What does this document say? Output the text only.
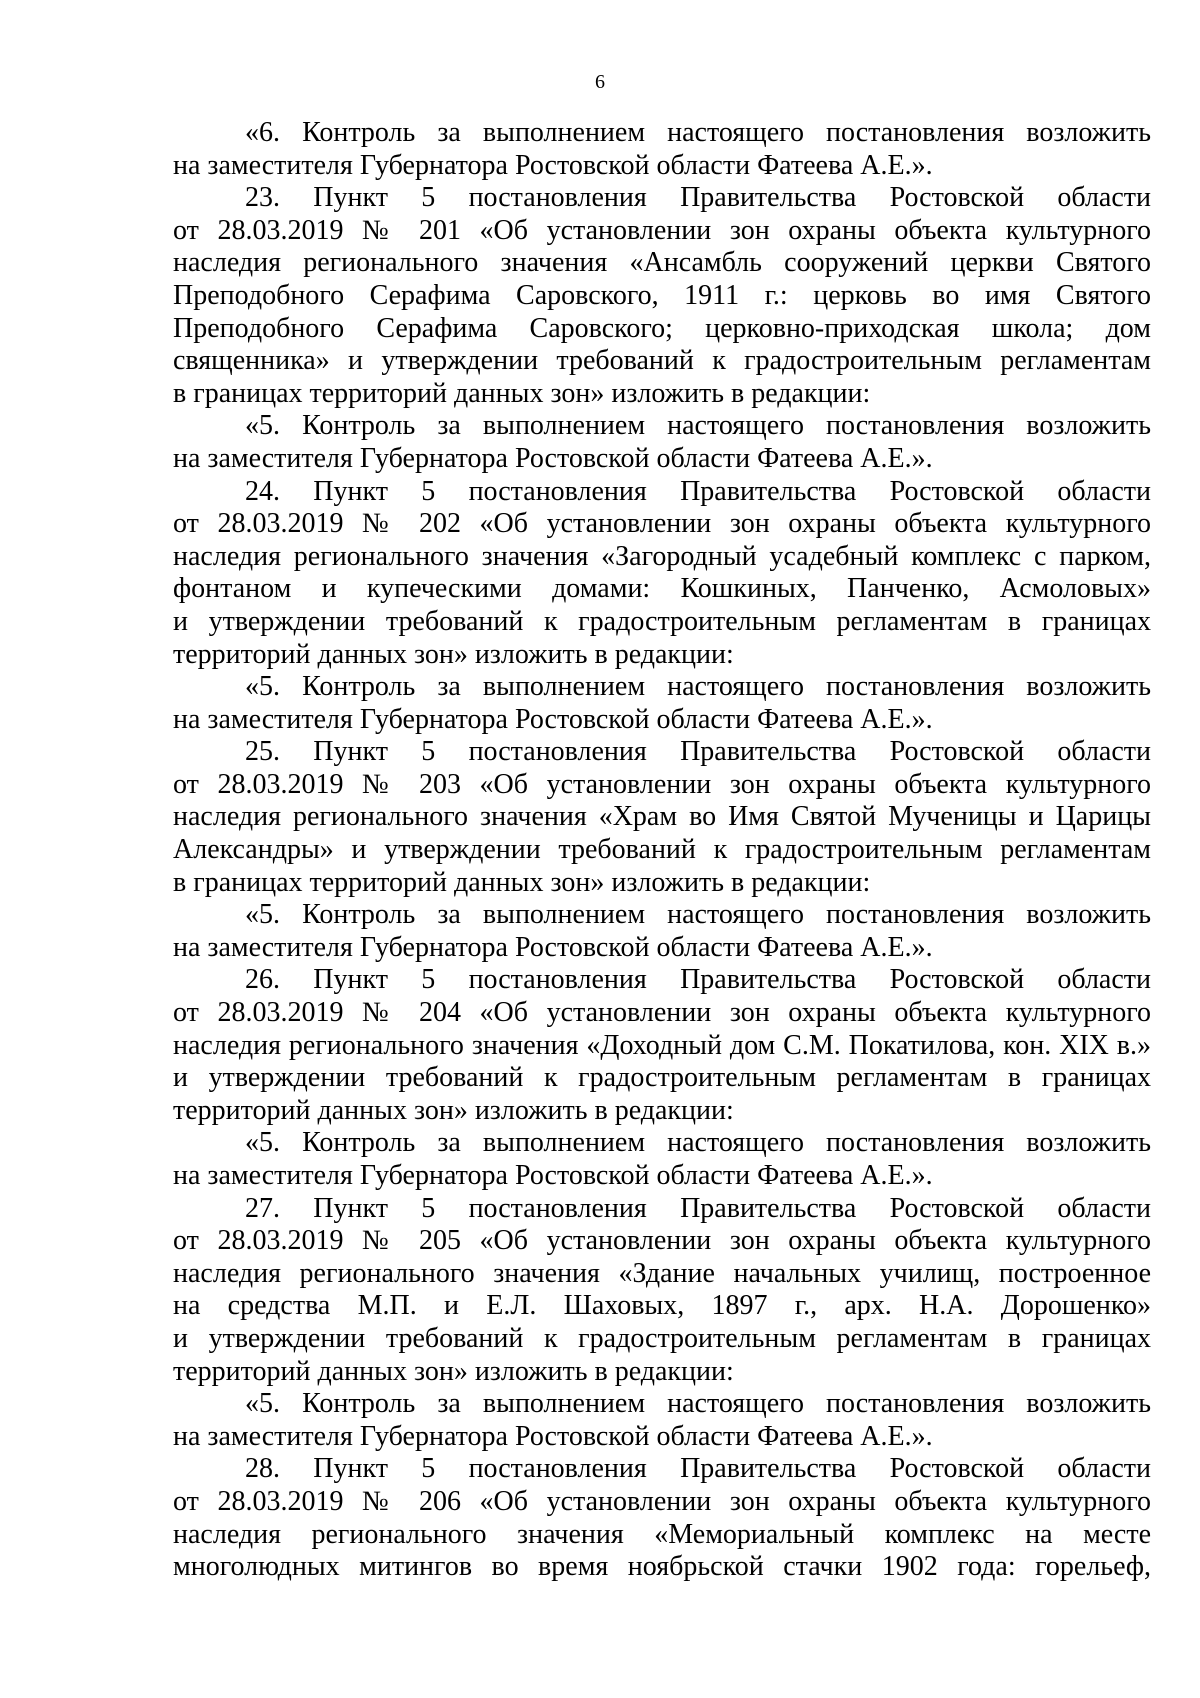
6
«6. Контроль за выполнением настоящего постановления возложить
на заместителя Губернатора Ростовской области Фатеева А.Е.».
23. Пункт 5 постановления Правительства Ростовской области
от 28.03.2019 № 201 «Об установлении зон охраны объекта культурного
наследия регионального значения «Ансамбль сооружений церкви Святого
Преподобного Серафима Саровского, 1911 г.: церковь во имя Святого
Преподобного Серафима Саровского; церковно-приходская школа; дом
священника» и утверждении требований к градостроительным регламентам
в границах территорий данных зон» изложить в редакции:
«5. Контроль за выполнением настоящего постановления возложить
на заместителя Губернатора Ростовской области Фатеева А.Е.».
24. Пункт 5 постановления Правительства Ростовской области
от 28.03.2019 № 202 «Об установлении зон охраны объекта культурного
наследия регионального значения «Загородный усадебный комплекс с парком,
фонтаном и купеческими домами: Кошкиных, Панченко, Асмоловых»
и утверждении требований к градостроительным регламентам в границах
территорий данных зон» изложить в редакции:
«5. Контроль за выполнением настоящего постановления возложить
на заместителя Губернатора Ростовской области Фатеева А.Е.».
25. Пункт 5 постановления Правительства Ростовской области
от 28.03.2019 № 203 «Об установлении зон охраны объекта культурного
наследия регионального значения «Храм во Имя Святой Мученицы и Царицы
Александры» и утверждении требований к градостроительным регламентам
в границах территорий данных зон» изложить в редакции:
«5. Контроль за выполнением настоящего постановления возложить
на заместителя Губернатора Ростовской области Фатеева А.Е.».
26. Пункт 5 постановления Правительства Ростовской области
от 28.03.2019 № 204 «Об установлении зон охраны объекта культурного
наследия регионального значения «Доходный дом С.М. Покатилова, кон. XIX в.»
и утверждении требований к градостроительным регламентам в границах
территорий данных зон» изложить в редакции:
«5. Контроль за выполнением настоящего постановления возложить
на заместителя Губернатора Ростовской области Фатеева А.Е.».
27. Пункт 5 постановления Правительства Ростовской области
от 28.03.2019 № 205 «Об установлении зон охраны объекта культурного
наследия регионального значения «Здание начальных училищ, построенное
на средства М.П. и Е.Л. Шаховых, 1897 г., арх. Н.А. Дорошенко»
и утверждении требований к градостроительным регламентам в границах
территорий данных зон» изложить в редакции:
«5. Контроль за выполнением настоящего постановления возложить
на заместителя Губернатора Ростовской области Фатеева А.Е.».
28. Пункт 5 постановления Правительства Ростовской области
от 28.03.2019 № 206 «Об установлении зон охраны объекта культурного
наследия регионального значения «Мемориальный комплекс на месте
многолюдных митингов во время ноябрьской стачки 1902 года: горельеф,
